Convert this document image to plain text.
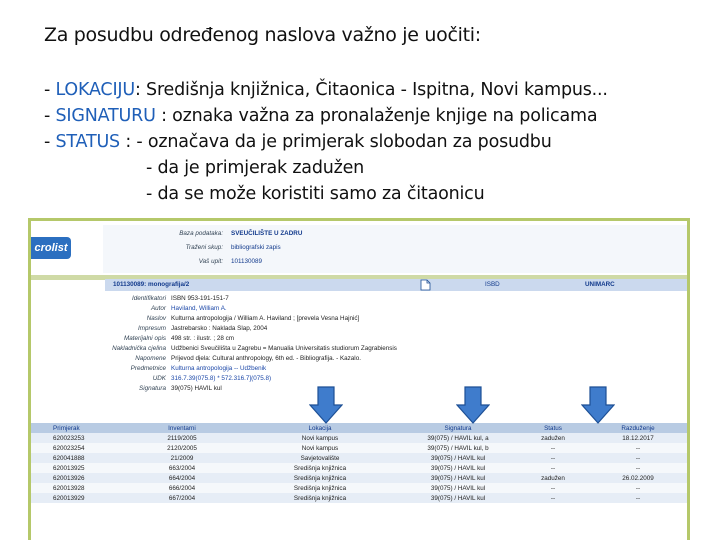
Za posudbu određenog naslova važno je uočiti:
- LOKACIJU: Središnja knjižnica, Čitaonica - Ispitna, Novi kampus...
- SIGNATURU : oznaka važna za pronalaženje knjige na policama
- STATUS : - označava da je primjerak slobodan za posudbu
- da je primjerak zadužen
- da se može koristiti samo za čitaonicu
crolist
Baza podataka: SVEUČILIŠTE U ZADRU
Traženi skup: bibliografski zapis
Vaš upit: 101130089
101130089: monografija/2	ISBD	UNIMARC
Identifikatori ISBN 953-191-151-7
Autor Haviland, William A.
Naslov Kulturna antropologija / William A. Haviland ; [prevela Vesna Hajnić]
Impresum Jastrebarsko : Naklada Slap, 2004
Materijalni opis 498 str. : ilustr. ; 28 cm
Nakladnička cjelina Udžbenici Sveučilišta u Zagrebu = Manualia Universitatis studiorum Zagrabiensis
Napomene Prijevod djela: Cultural anthropology, 6th ed. - Bibliografija. - Kazalo.
Predmetnice Kulturna antropologija -- Udžbenik
UDK 316.7.39(075.8) * 572.316.7](075.8)
Signatura 39(075) HAVIL kul
Primjerak	Inventarni	Lokacija	Signatura	Status	Razduženje
620023253	2119/2005	Novi kampus	39(075) / HAVIL kul, a	zadužen	18.12.2017
620023254	2120/2005	Novi kampus	39(075) / HAVIL kul, b	--	--
620041888	21/2009	Savjetovalište	39(075) / HAVIL kul	--	--
620013925	663/2004	Središnja knjižnica	39(075) / HAVIL kul	--	--
620013926	664/2004	Središnja knjižnica	39(075) / HAVIL kul	zadužen	26.02.2009
620013928	666/2004	Središnja knjižnica	39(075) / HAVIL kul	--	--
620013929	667/2004	Središnja knjižnica	39(075) / HAVIL kul	--	--
